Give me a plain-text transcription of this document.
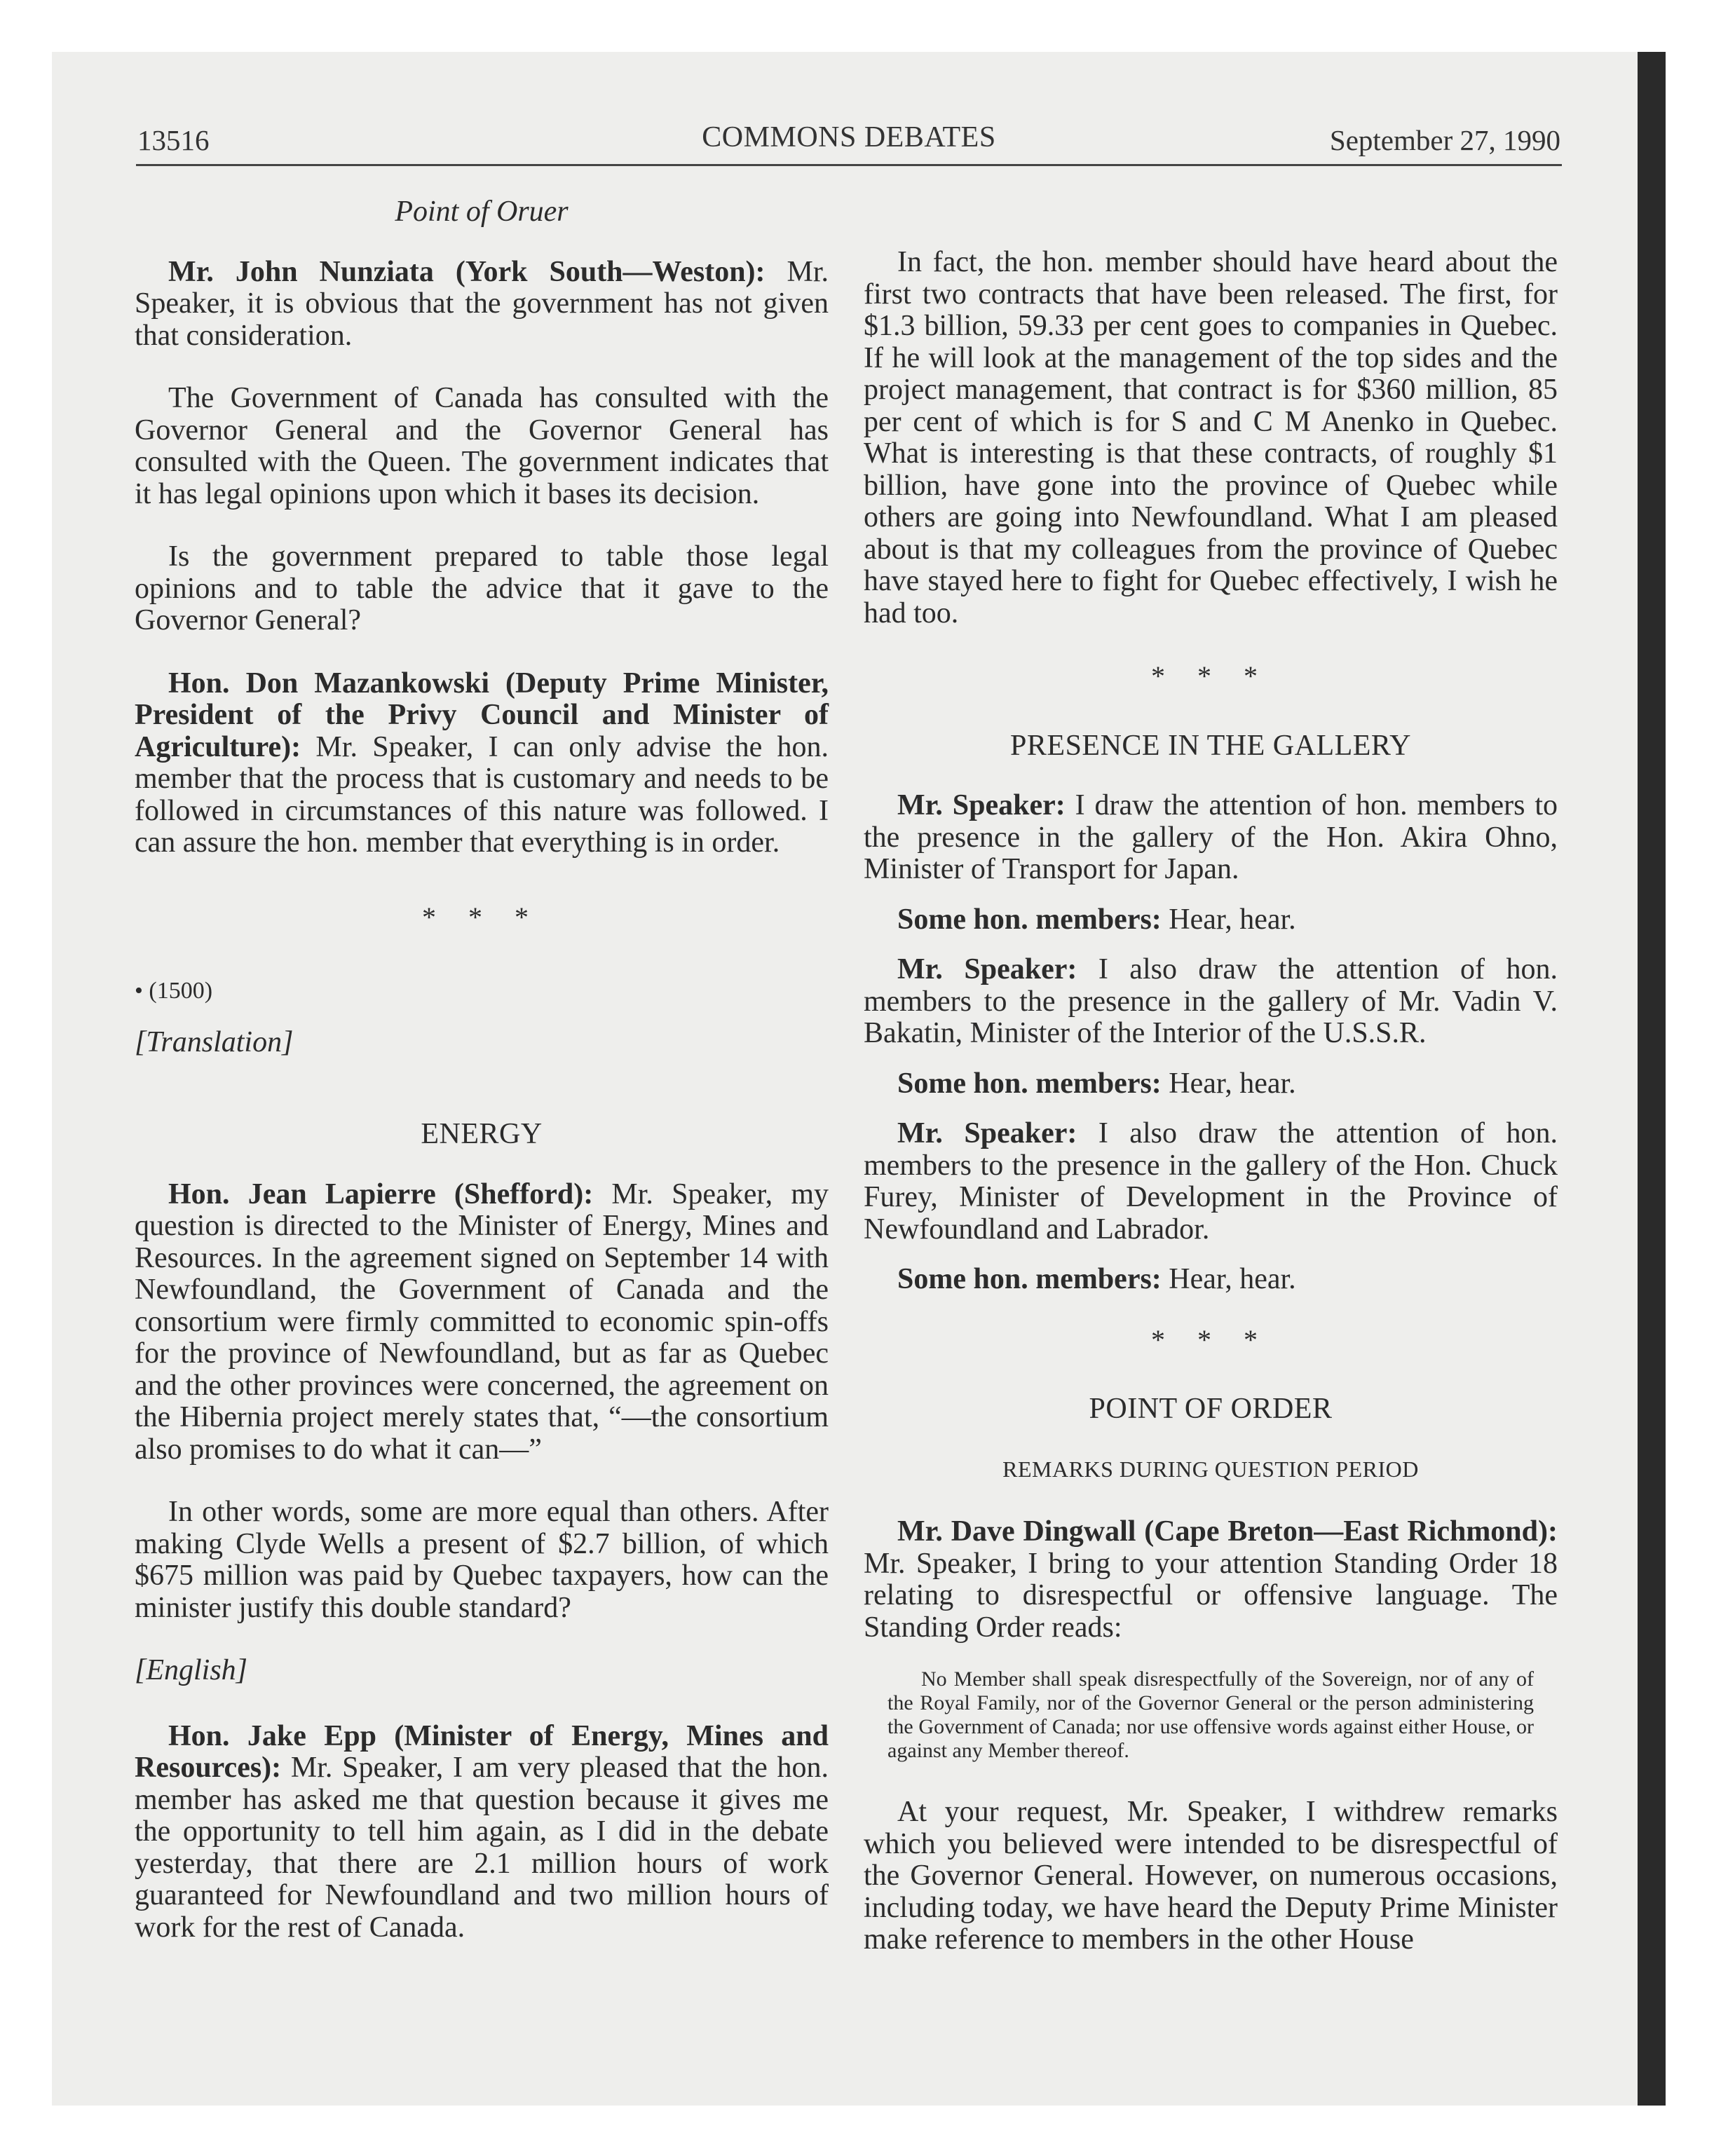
13516	COMMONS DEBATES	September 27, 1990

Point of Oruer

Mr. John Nunziata (York South—Weston): Mr. Speaker, it is obvious that the government has not given that consideration.

The Government of Canada has consulted with the Governor General and the Governor General has consulted with the Queen. The government indicates that it has legal opinions upon which it bases its decision.

Is the government prepared to table those legal opinions and to table the advice that it gave to the Governor General?

Hon. Don Mazankowski (Deputy Prime Minister, President of the Privy Council and Minister of Agriculture): Mr. Speaker, I can only advise the hon. member that the process that is customary and needs to be followed in circumstances of this nature was followed. I can assure the hon. member that everything is in order.

* * *
• (1500)
[Translation]
ENERGY

Hon. Jean Lapierre (Shefford): Mr. Speaker, my question is directed to the Minister of Energy, Mines and Resources. In the agreement signed on September 14 with Newfoundland, the Government of Canada and the consortium were firmly committed to economic spin-offs for the province of Newfoundland, but as far as Quebec and the other provinces were concerned, the agreement on the Hibernia project merely states that, “—the consortium also promises to do what it can—”

In other words, some are more equal than others. After making Clyde Wells a present of $2.7 billion, of which $675 million was paid by Quebec taxpayers, how can the minister justify this double standard?

[English]

Hon. Jake Epp (Minister of Energy, Mines and Resources): Mr. Speaker, I am very pleased that the hon. member has asked me that question because it gives me the opportunity to tell him again, as I did in the debate yesterday, that there are 2.1 million hours of work guaranteed for Newfoundland and two million hours of work for the rest of Canada.

In fact, the hon. member should have heard about the first two contracts that have been released. The first, for $1.3 billion, 59.33 per cent goes to companies in Quebec. If he will look at the management of the top sides and the project management, that contract is for $360 million, 85 per cent of which is for S and C M Anenko in Quebec. What is interesting is that these contracts, of roughly $1 billion, have gone into the province of Quebec while others are going into Newfoundland. What I am pleased about is that my colleagues from the province of Quebec have stayed here to fight for Quebec effectively, I wish he had too.

* * *
PRESENCE IN THE GALLERY

Mr. Speaker: I draw the attention of hon. members to the presence in the gallery of the Hon. Akira Ohno, Minister of Transport for Japan.

Some hon. members: Hear, hear.

Mr. Speaker: I also draw the attention of hon. members to the presence in the gallery of Mr. Vadin V. Bakatin, Minister of the Interior of the U.S.S.R.

Some hon. members: Hear, hear.

Mr. Speaker: I also draw the attention of hon. members to the presence in the gallery of the Hon. Chuck Furey, Minister of Development in the Province of Newfoundland and Labrador.

Some hon. members: Hear, hear.

* * *
POINT OF ORDER
REMARKS DURING QUESTION PERIOD

Mr. Dave Dingwall (Cape Breton—East Richmond): Mr. Speaker, I bring to your attention Standing Order 18 relating to disrespectful or offensive language. The Standing Order reads:

No Member shall speak disrespectfully of the Sovereign, nor of any of the Royal Family, nor of the Governor General or the person administering the Government of Canada; nor use offensive words against either House, or against any Member thereof.

At your request, Mr. Speaker, I withdrew remarks which you believed were intended to be disrespectful of the Governor General. However, on numerous occasions, including today, we have heard the Deputy Prime Minister make reference to members in the other House
